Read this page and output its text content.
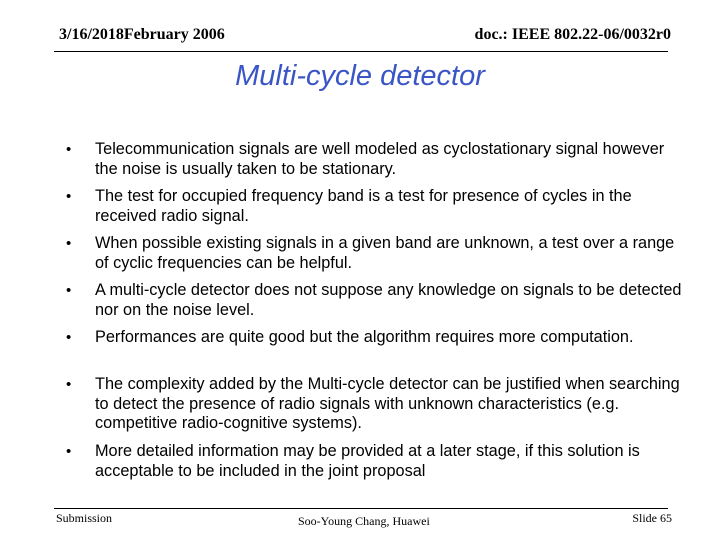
3/16/2018February 2006	doc.: IEEE 802.22-06/0032r0
Multi-cycle detector
• Telecommunication signals are well modeled as cyclostationary signal however the noise is usually taken to be stationary.
• The test for occupied frequency band is a test for presence of cycles in the received radio signal.
• When possible existing signals in a given band are unknown, a test over a range of cyclic frequencies can be helpful.
• A multi-cycle detector does not suppose any knowledge on signals to be detected nor on the noise level.
• Performances are quite good but the algorithm requires more computation.
• The complexity added by the Multi-cycle detector can be justified when searching to detect the presence of radio signals with unknown characteristics (e.g. competitive radio-cognitive systems).
• More detailed information may be provided at a later stage, if this solution is acceptable to be included in the joint proposal
Submission	Soo-Young Chang, Huawei	Slide 65
